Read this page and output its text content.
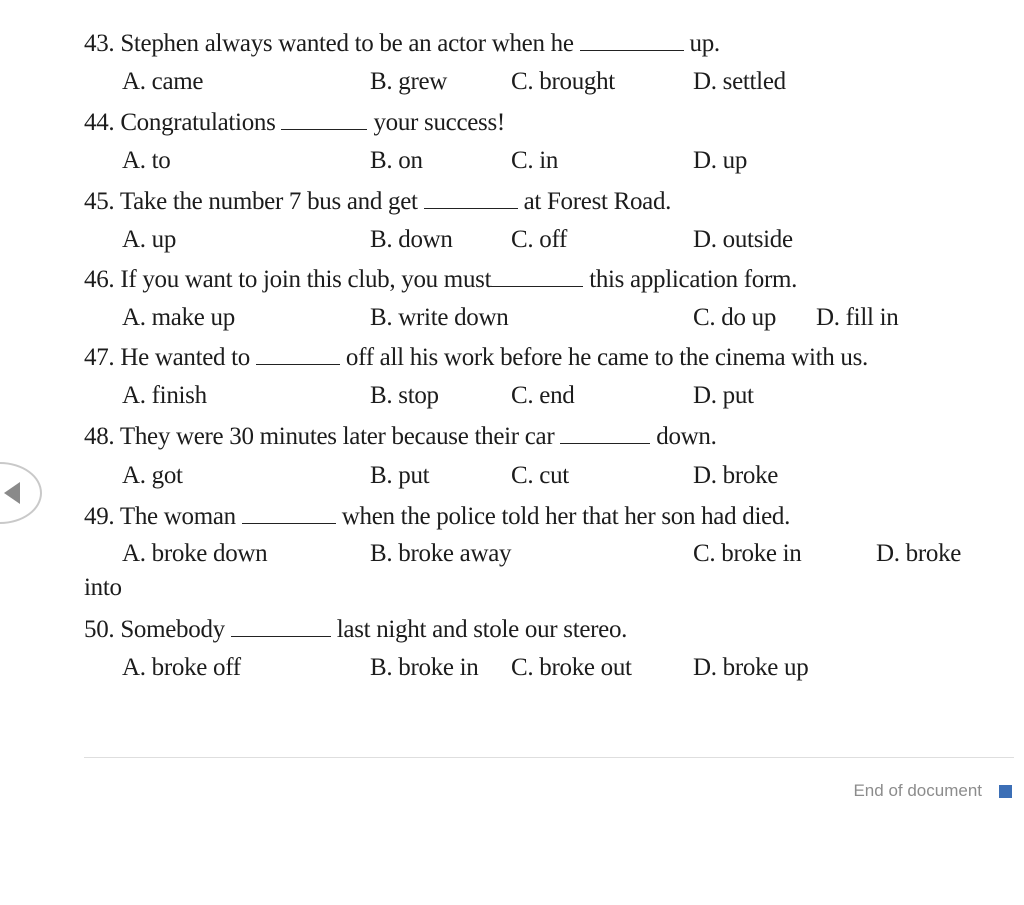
43. Stephen always wanted to be an actor when he	up.
A. came	B. grew	C. brought	D. settled
44. Congratulations	your success!
A. to	B. on	C. in	D. up
45. Take the number 7 bus and get	at Forest Road.
A. up	B. down C. off	D. outside
46. If you want to join this club, you must	this application form.
A. make up	B. write down	C. do up D. fill in
47. He wanted to	off all his work before he came to the cinema with us.
A. finish	B. stop	C. end	D. put
48. They were 30 minutes later because their car	down.
A. got	B. put	C. cut	D. broke
49. The woman	when the police told her that her son had died.
A. broke down	B. broke away	C. broke in	D. broke
into
50. Somebody	last night and stole our stereo.
A. broke off	B. broke in C. broke out D. broke up
End of document
